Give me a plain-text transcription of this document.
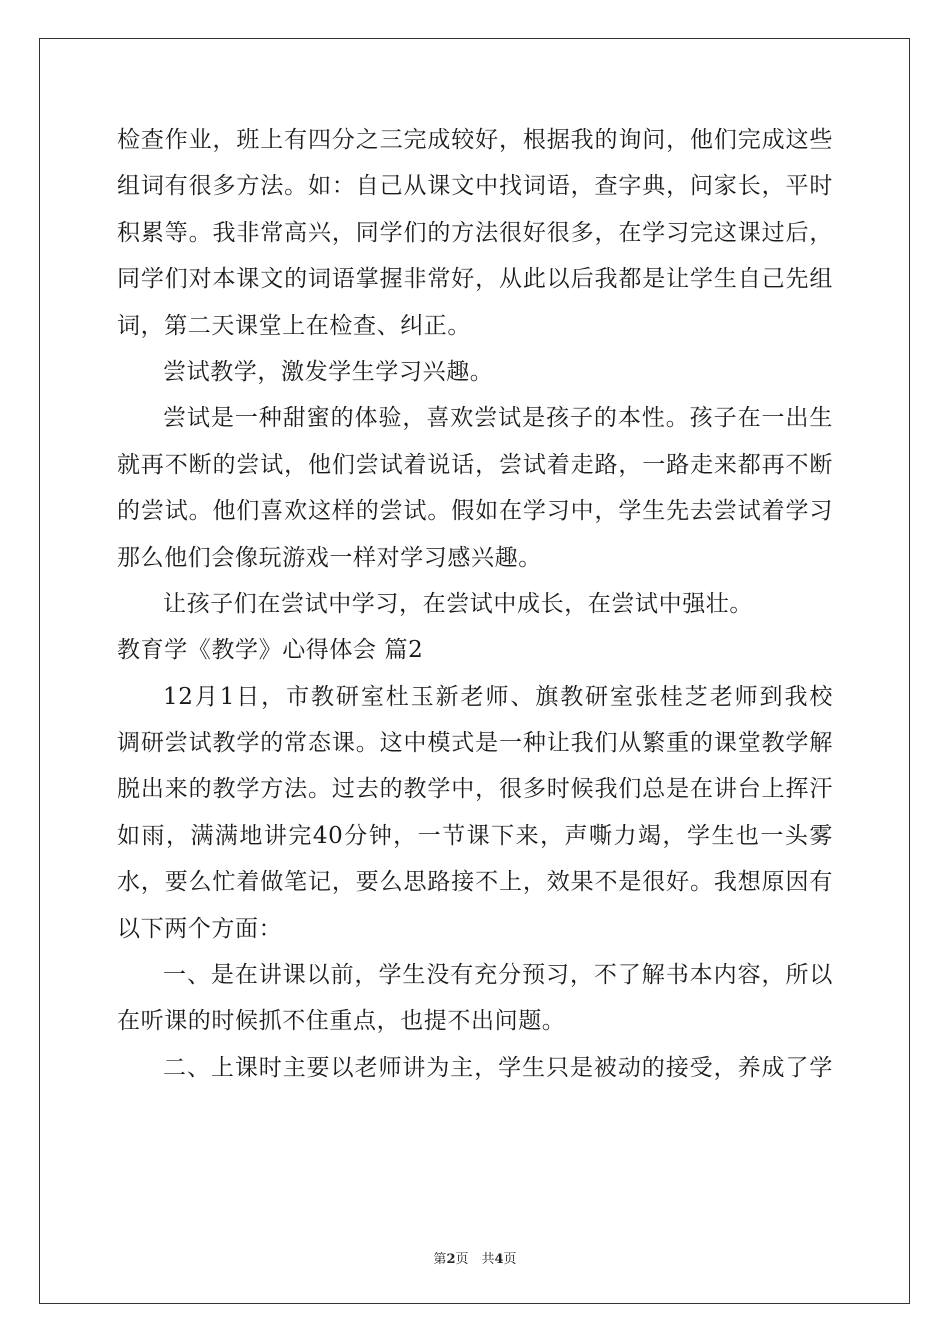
检查作业，班上有四分之三完成较好，根据我的询问，他们完成这些

组词有很多方法。如：自己从课文中找词语，查字典，问家长，平时

积累等。我非常高兴，同学们的方法很好很多，在学习完这课过后，

同学们对本课文的词语掌握非常好，从此以后我都是让学生自己先组

词，第二天课堂上在检查、纠正。

尝试教学，激发学生学习兴趣。

尝试是一种甜蜜的体验，喜欢尝试是孩子的本性。孩子在一出生

就再不断的尝试，他们尝试着说话，尝试着走路，一路走来都再不断

的尝试。他们喜欢这样的尝试。假如在学习中，学生先去尝试着学习

那么他们会像玩游戏一样对学习感兴趣。

让孩子们在尝试中学习，在尝试中成长，在尝试中强壮。

教育学《教学》心得体会 篇2

12月1日，市教研室杜玉新老师、旗教研室张桂芝老师到我校

调研尝试教学的常态课。这中模式是一种让我们从繁重的课堂教学解

脱出来的教学方法。过去的教学中，很多时候我们总是在讲台上挥汗

如雨，满满地讲完40分钟，一节课下来，声嘶力竭，学生也一头雾

水，要么忙着做笔记，要么思路接不上，效果不是很好。我想原因有

以下两个方面：

一、是在讲课以前，学生没有充分预习，不了解书本内容，所以

在听课的时候抓不住重点，也提不出问题。

二、上课时主要以老师讲为主，学生只是被动的接受，养成了学

第2页　共4页
